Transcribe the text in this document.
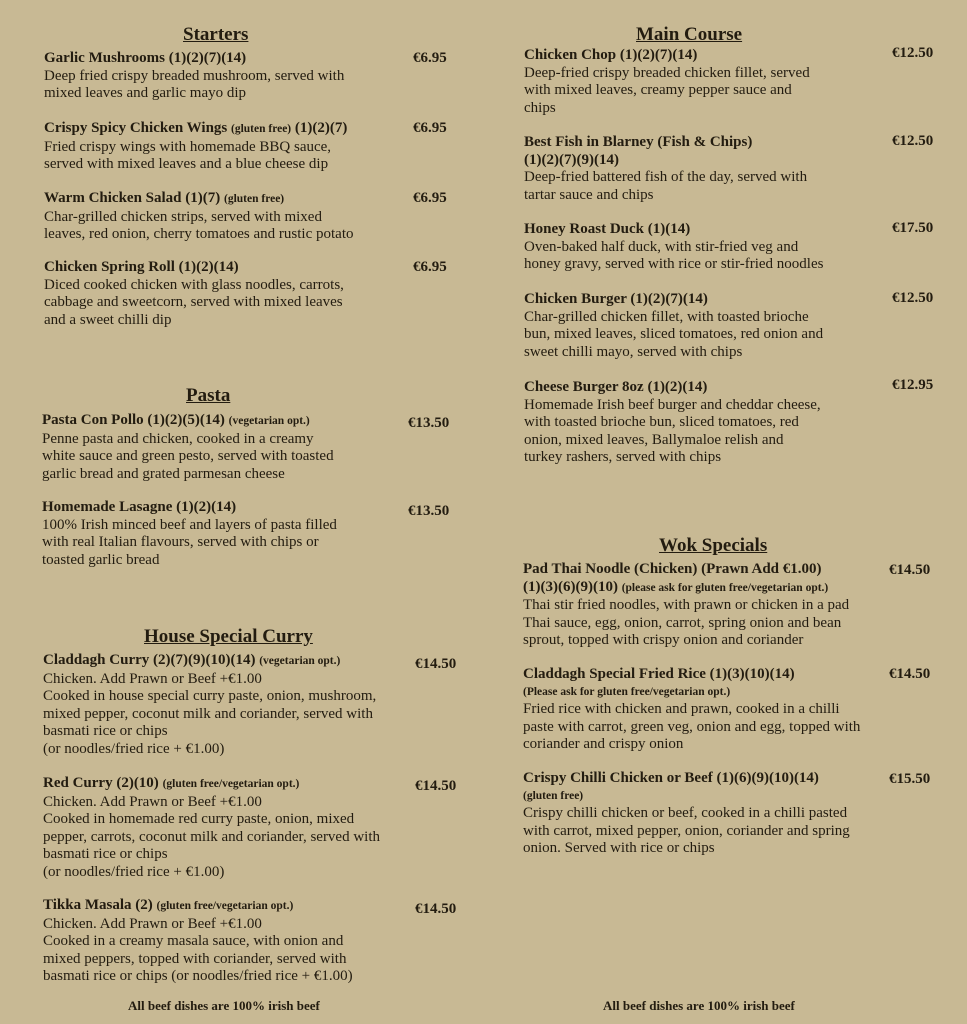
Starters
Garlic Mushrooms (1)(2)(7)(14)
Deep fried crispy breaded mushroom, served with
mixed leaves and garlic mayo dip
€6.95
Crispy Spicy Chicken Wings (gluten free) (1)(2)(7)
Fried crispy wings with homemade BBQ sauce,
served with mixed leaves and a blue cheese dip
€6.95
Warm Chicken Salad (1)(7) (gluten free)
Char-grilled chicken strips, served with mixed
leaves, red onion, cherry tomatoes and rustic potato
€6.95
Chicken Spring Roll (1)(2)(14)
Diced cooked chicken with glass noodles, carrots,
cabbage and sweetcorn, served with mixed leaves
and a sweet chilli dip
€6.95
Pasta
Pasta Con Pollo (1)(2)(5)(14) (vegetarian opt.)
Penne pasta and chicken, cooked in a creamy
white sauce and green pesto, served with toasted
garlic bread and grated parmesan cheese
€13.50
Homemade Lasagne (1)(2)(14)
100% Irish minced beef and layers of pasta filled
with real Italian flavours, served with chips or
toasted garlic bread
€13.50
House Special Curry
Claddagh Curry (2)(7)(9)(10)(14) (vegetarian opt.)
Chicken. Add Prawn or Beef +€1.00
Cooked in house special curry paste, onion, mushroom,
mixed pepper, coconut milk and coriander, served with
basmati rice or chips
(or noodles/fried rice + €1.00)
€14.50
Red Curry (2)(10) (gluten free/vegetarian opt.)
Chicken. Add Prawn or Beef +€1.00
Cooked in homemade red curry paste, onion, mixed
pepper, carrots, coconut milk and coriander, served with
basmati rice or chips
(or noodles/fried rice + €1.00)
€14.50
Tikka Masala (2) (gluten free/vegetarian opt.)
Chicken. Add Prawn or Beef +€1.00
Cooked in a creamy masala sauce, with onion and
mixed peppers, topped with coriander, served with
basmati rice or chips (or noodles/fried rice + €1.00)
€14.50
All beef dishes are 100% irish beef
Main Course
Chicken Chop (1)(2)(7)(14)
Deep-fried crispy breaded chicken fillet, served
with mixed leaves, creamy pepper sauce and
chips
€12.50
Best Fish in Blarney (Fish & Chips)
(1)(2)(7)(9)(14)
Deep-fried battered fish of the day, served with
tartar sauce and chips
€12.50
Honey Roast Duck (1)(14)
Oven-baked half duck, with stir-fried veg and
honey gravy, served with rice or stir-fried noodles
€17.50
Chicken Burger (1)(2)(7)(14)
Char-grilled chicken fillet, with toasted brioche
bun, mixed leaves, sliced tomatoes, red onion and
sweet chilli mayo, served with chips
€12.50
Cheese Burger 8oz (1)(2)(14)
Homemade Irish beef burger and cheddar cheese,
with toasted brioche bun, sliced tomatoes, red
onion, mixed leaves, Ballymaloe relish and
turkey rashers, served with chips
€12.95
Wok Specials
Pad Thai Noodle (Chicken) (Prawn Add €1.00)
(1)(3)(6)(9)(10) (please ask for gluten free/vegetarian opt.)
Thai stir fried noodles, with prawn or chicken in a pad
Thai sauce, egg, onion, carrot, spring onion and bean
sprout, topped with crispy onion and coriander
€14.50
Claddagh Special Fried Rice (1)(3)(10)(14)
(Please ask for gluten free/vegetarian opt.)
Fried rice with chicken and prawn, cooked in a chilli
paste with carrot, green veg, onion and egg, topped with
coriander and crispy onion
€14.50
Crispy Chilli Chicken or Beef (1)(6)(9)(10)(14)
(gluten free)
Crispy chilli chicken or beef, cooked in a chilli pasted
with carrot, mixed pepper, onion, coriander and spring
onion. Served with rice or chips
€15.50
All beef dishes are 100% irish beef
